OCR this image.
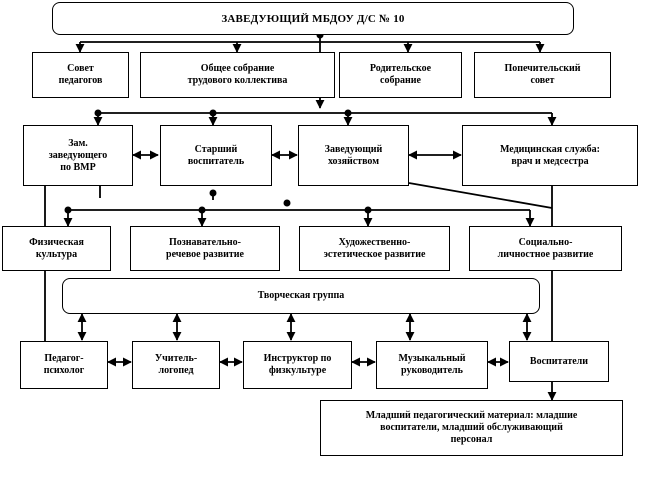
ЗАВЕДУЮЩИЙ МБДОУ Д/С № 10
Совет
педагогов
Общее собрание
трудового коллектива
Родительское
собрание
Попечительский
совет
Зам.
заведующего
по ВМР
Старший
воспитатель
Заведующий
хозяйством
Медицинская служба:
врач и медсестра
Физическая
культура
Познавательно-
речевое развитие
Художественно-
эстетическое развитие
Социально-
личностное развитие
Творческая группа
Педагог-
психолог
Учитель-
логопед
Инструктор по
физкультуре
Музыкальный
руководитель
Воспитатели
Младший педагогический материал: младшие
воспитатели, младший обслуживающий
персонал
